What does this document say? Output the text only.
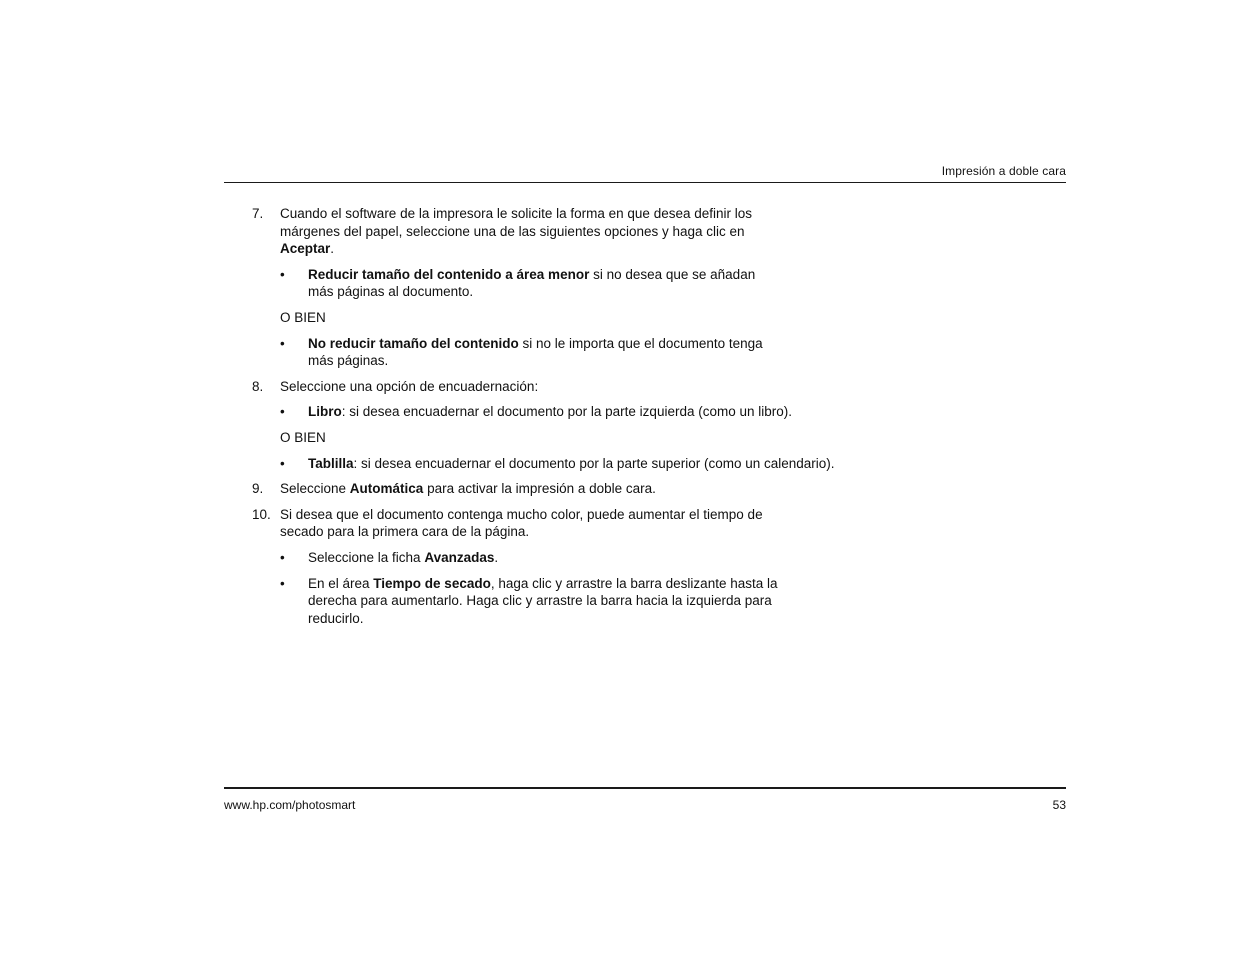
Impresión a doble cara
7. Cuando el software de la impresora le solicite la forma en que desea definir los márgenes del papel, seleccione una de las siguientes opciones y haga clic en Aceptar.

• Reducir tamaño del contenido a área menor si no desea que se añadan más páginas al documento.
O BIEN
• No reducir tamaño del contenido si no le importa que el documento tenga más páginas.
8. Seleccione una opción de encuadernación:

• Libro: si desea encuadernar el documento por la parte izquierda (como un libro).
O BIEN
• Tablilla: si desea encuadernar el documento por la parte superior (como un calendario).
9. Seleccione Automática para activar la impresión a doble cara.

10. Si desea que el documento contenga mucho color, puede aumentar el tiempo de secado para la primera cara de la página.

• Seleccione la ficha Avanzadas.
• En el área Tiempo de secado, haga clic y arrastre la barra deslizante hasta la derecha para aumentarlo. Haga clic y arrastre la barra hacia la izquierda para reducirlo.
www.hp.com/photosmart	53
